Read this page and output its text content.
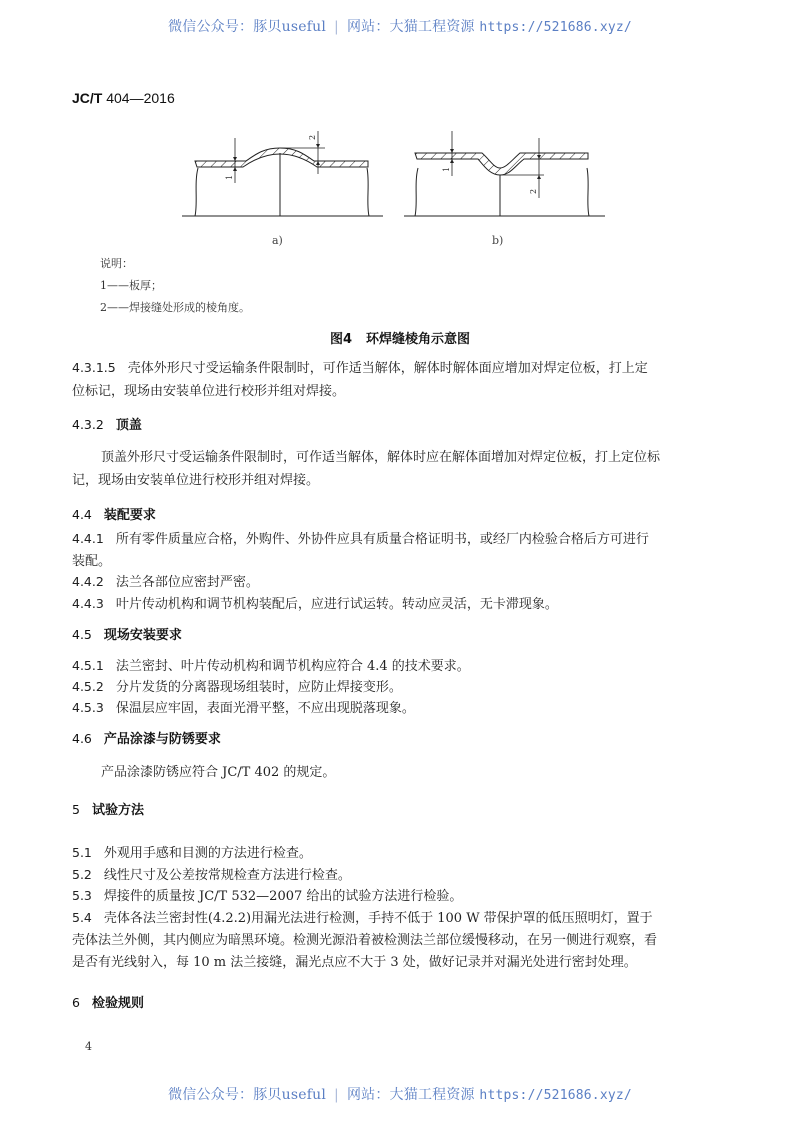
微信公众号：豚贝useful | 网站：大猫工程资源 https://521686.xyz/
JC/T 404—2016
1
2
a)
1
2
b)
说明：
1——板厚；
2——焊接缝处形成的棱角度。
图4 环焊缝棱角示意图
4.3.1.5 壳体外形尺寸受运输条件限制时，可作适当解体，解体时解体面应增加对焊定位板，打上定
位标记，现场由安装单位进行校形并组对焊接。
4.3.2 顶盖
顶盖外形尺寸受运输条件限制时，可作适当解体，解体时应在解体面增加对焊定位板，打上定位标
记，现场由安装单位进行校形并组对焊接。
4.4 装配要求
4.4.1 所有零件质量应合格，外购件、外协件应具有质量合格证明书，或经厂内检验合格后方可进行
装配。
4.4.2 法兰各部位应密封严密。
4.4.3 叶片传动机构和调节机构装配后，应进行试运转。转动应灵活，无卡滞现象。
4.5 现场安装要求
4.5.1 法兰密封、叶片传动机构和调节机构应符合 4.4 的技术要求。
4.5.2 分片发货的分离器现场组装时，应防止焊接变形。
4.5.3 保温层应牢固，表面光滑平整，不应出现脱落现象。
4.6 产品涂漆与防锈要求
产品涂漆防锈应符合 JC/T 402 的规定。
5 试验方法
5.1 外观用手感和目测的方法进行检查。
5.2 线性尺寸及公差按常规检查方法进行检查。
5.3 焊接件的质量按 JC/T 532—2007 给出的试验方法进行检验。
5.4 壳体各法兰密封性(4.2.2)用漏光法进行检测，手持不低于 100 W 带保护罩的低压照明灯，置于
壳体法兰外侧，其内侧应为暗黑环境。检测光源沿着被检测法兰部位缓慢移动，在另一侧进行观察，看
是否有光线射入，每 10 m 法兰接缝，漏光点应不大于 3 处，做好记录并对漏光处进行密封处理。
6 检验规则
4
微信公众号：豚贝useful | 网站：大猫工程资源 https://521686.xyz/
